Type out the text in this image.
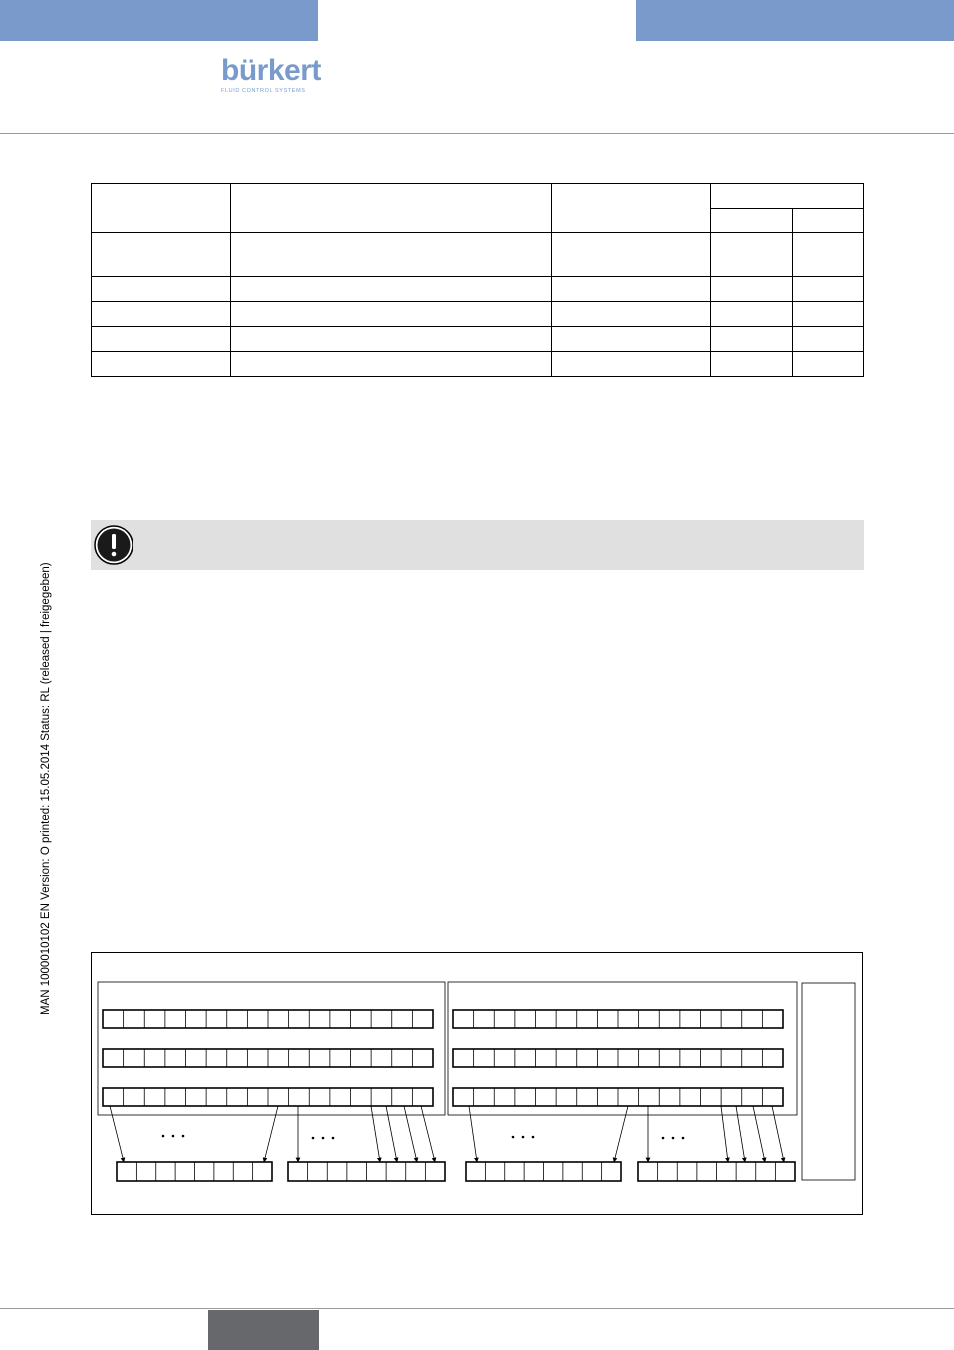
bürkert
FLUID CONTROL SYSTEMS
MAN 1000010102 EN Version: O printed: 15.05.2014 Status: RL (released | freigegeben)
